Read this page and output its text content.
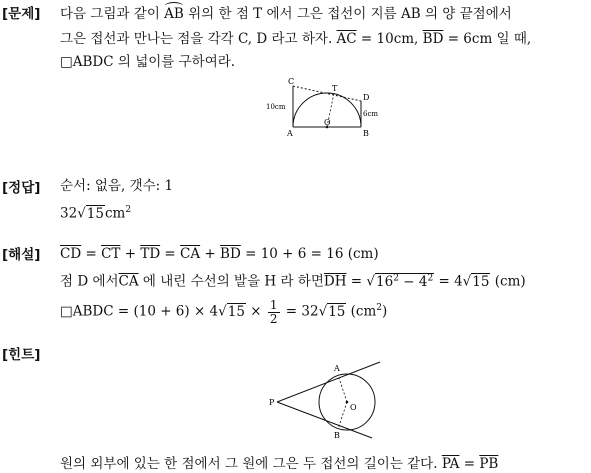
[문제] 다음 그림과 같이 AB 위의 한 점 T 에서 그은 접선이 지름 AB 의 양 끝점에서
그은 접선과 만나는 점을 각각 C, D 라고 하자. $\overline{AC} = 10cm$, $\overline{BD} = 6cm$ 일 때,
□ABDC 의 넓이를 구하여라.
C
T
D
A
O
B
10cm
6cm
[정답] 순서: 없음, 갯수: 1
$32√15cm^2$
[해설] $\overline{CD} = \overline{CT} + \overline{TD} = \overline{CA} + \overline{BD} = 10 + 6 = 16$ (cm)
점 D 에서$\overline{CA}$ 에 내린 수선의 발을 H 라 하면$\overline{DH} = √16^2 - 4^2 = 4√15$ (cm)
□ABDC = $(10 + 6) \times 4√15 \times \frac{1}{2} = 32√15$ $(cm^2)$
[힌트]
P
A
B
O
원의 외부에 있는 한 점에서 그 원에 그은 두 접선의 길이는 같다. $\overline{PA} = \overline{PB}$
